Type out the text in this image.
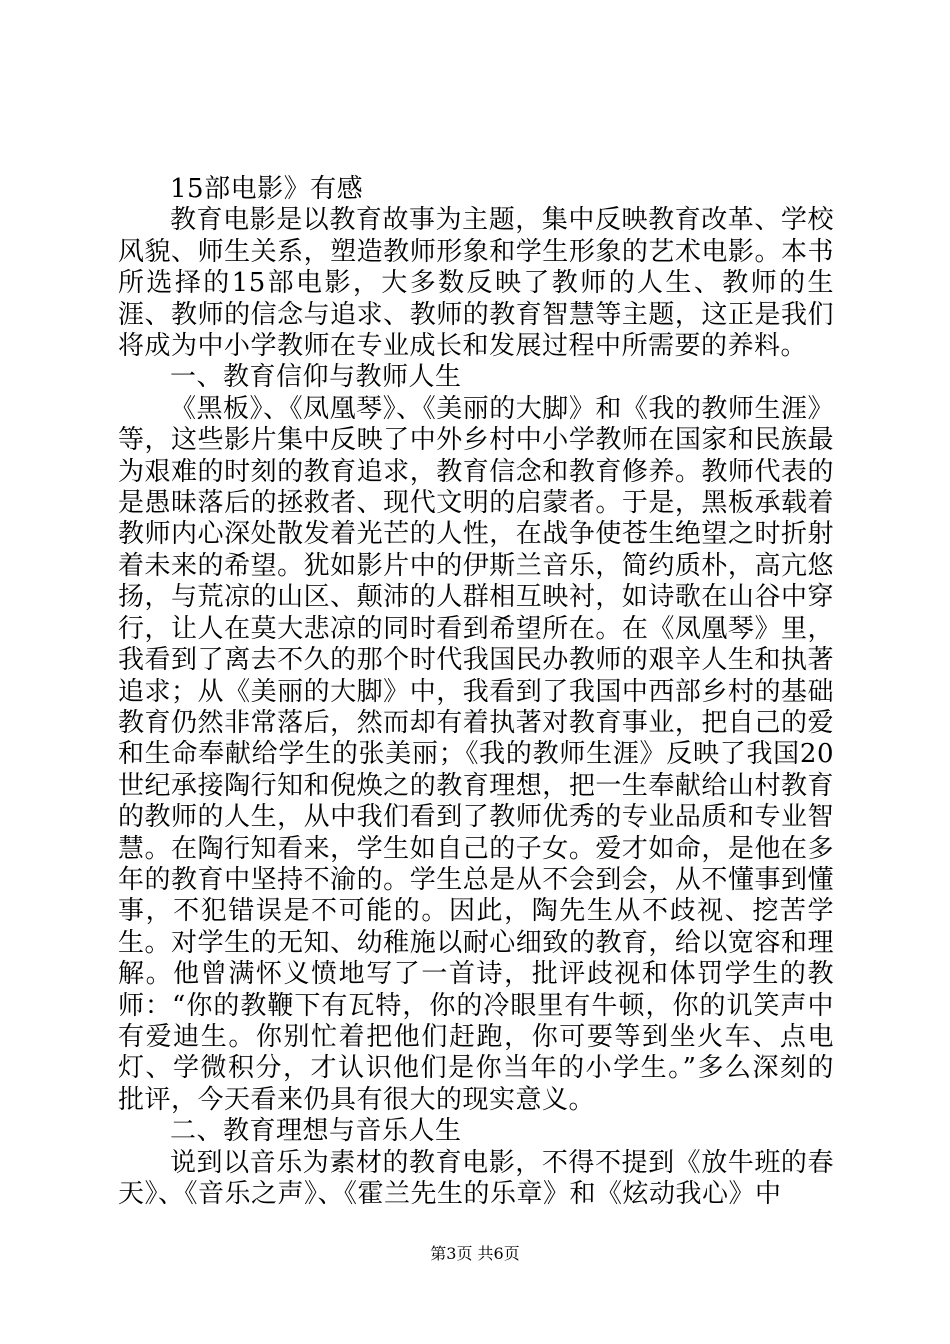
15部电影》有感

教育电影是以教育故事为主题，集中反映教育改革、学校风貌、师生关系，塑造教师形象和学生形象的艺术电影。本书所选择的15部电影，大多数反映了教师的人生、教师的生涯、教师的信念与追求、教师的教育智慧等主题，这正是我们将成为中小学教师在专业成长和发展过程中所需要的养料。

一、教育信仰与教师人生

《黑板》、《凤凰琴》、《美丽的大脚》和《我的教师生涯》等，这些影片集中反映了中外乡村中小学教师在国家和民族最为艰难的时刻的教育追求，教育信念和教育修养。教师代表的是愚昧落后的拯救者、现代文明的启蒙者。于是，黑板承载着教师内心深处散发着光芒的人性，在战争使苍生绝望之时折射着未来的希望。犹如影片中的伊斯兰音乐，简约质朴，高亢悠扬，与荒凉的山区、颠沛的人群相互映衬，如诗歌在山谷中穿行，让人在莫大悲凉的同时看到希望所在。在《凤凰琴》里，我看到了离去不久的那个时代我国民办教师的艰辛人生和执著追求；从《美丽的大脚》中，我看到了我国中西部乡村的基础教育仍然非常落后，然而却有着执著对教育事业，把自己的爱和生命奉献给学生的张美丽；《我的教师生涯》反映了我国20世纪承接陶行知和倪焕之的教育理想，把一生奉献给山村教育的教师的人生，从中我们看到了教师优秀的专业品质和专业智慧。在陶行知看来，学生如自己的子女。爱才如命，是他在多年的教育中坚持不渝的。学生总是从不会到会，从不懂事到懂事，不犯错误是不可能的。因此，陶先生从不歧视、挖苦学生。对学生的无知、幼稚施以耐心细致的教育，给以宽容和理解。他曾满怀义愤地写了一首诗，批评歧视和体罚学生的教师：“你的教鞭下有瓦特，你的冷眼里有牛顿，你的讥笑声中有爱迪生。你别忙着把他们赶跑，你可要等到坐火车、点电灯、学微积分，才认识他们是你当年的小学生。”多么深刻的批评，今天看来仍具有很大的现实意义。

二、教育理想与音乐人生

说到以音乐为素材的教育电影，不得不提到《放牛班的春天》、《音乐之声》、《霍兰先生的乐章》和《炫动我心》中

第3页 共6页
